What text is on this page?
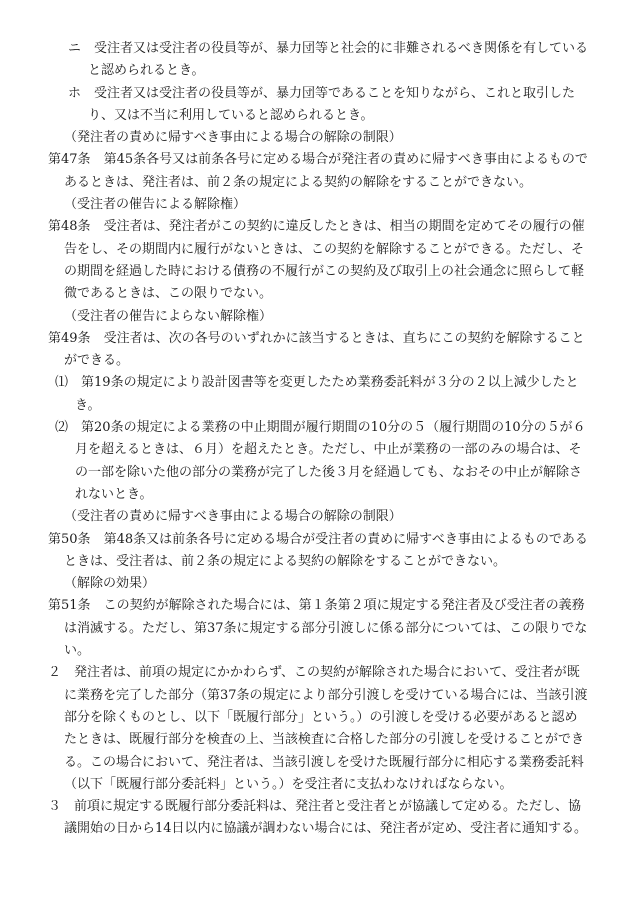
ニ　 受注者又は受注者の役員等が、暴力団等と社会的に非難されるべき関係を有していると認められるとき。

ホ　 受注者又は受注者の役員等が、暴力団等であることを知りながら、これと取引したり、又は不当に利用していると認められるとき。

（発注者の責めに帰すべき事由による場合の解除の制限）

第47条　 第45条各号又は前条各号に定める場合が発注者の責めに帰すべき事由によるものであるときは、発注者は、前２条の規定による契約の解除をすることができない。

（受注者の催告による解除権）

第48条　 受注者は、発注者がこの契約に違反したときは、相当の期間を定めてその履行の催告をし、その期間内に履行がないときは、この契約を解除することができる。ただし、その期間を経過した時における債務の不履行がこの契約及び取引上の社会通念に照らして軽微であるときは、この限りでない。

（受注者の催告によらない解除権）

第49条　 受注者は、次の各号のいずれかに該当するときは、直ちにこの契約を解除することができる。

⑴　 第19条の規定により設計図書等を変更したため業務委託料が３分の２以上減少したとき。

⑵　 第20条の規定による業務の中止期間が履行期間の10分の５（履行期間の10分の５が６月を超えるときは、６月）を超えたとき。ただし、中止が業務の一部のみの場合は、その一部を除いた他の部分の業務が完了した後３月を経過しても、なおその中止が解除されないとき。

（受注者の責めに帰すべき事由による場合の解除の制限）

第50条　 第48条又は前条各号に定める場合が受注者の責めに帰すべき事由によるものであるときは、受注者は、前２条の規定による契約の解除をすることができない。

（解除の効果）

第51条　 この契約が解除された場合には、第１条第２項に規定する発注者及び受注者の義務は消滅する。ただし、第37条に規定する部分引渡しに係る部分については、この限りでない。

２　 発注者は、前項の規定にかかわらず、この契約が解除された場合において、受注者が既に業務を完了した部分（第37条の規定により部分引渡しを受けている場合には、当該引渡部分を除くものとし、以下「既履行部分」という。）の引渡しを受ける必要があると認めたときは、既履行部分を検査の上、当該検査に合格した部分の引渡しを受けることができる。この場合において、発注者は、当該引渡しを受けた既履行部分に相応する業務委託料（以下「既履行部分委託料」という。）を受注者に支払わなければならない。

３　 前項に規定する既履行部分委託料は、発注者と受注者とが協議して定める。ただし、協議開始の日から14日以内に協議が調わない場合には、発注者が定め、受注者に通知する。
